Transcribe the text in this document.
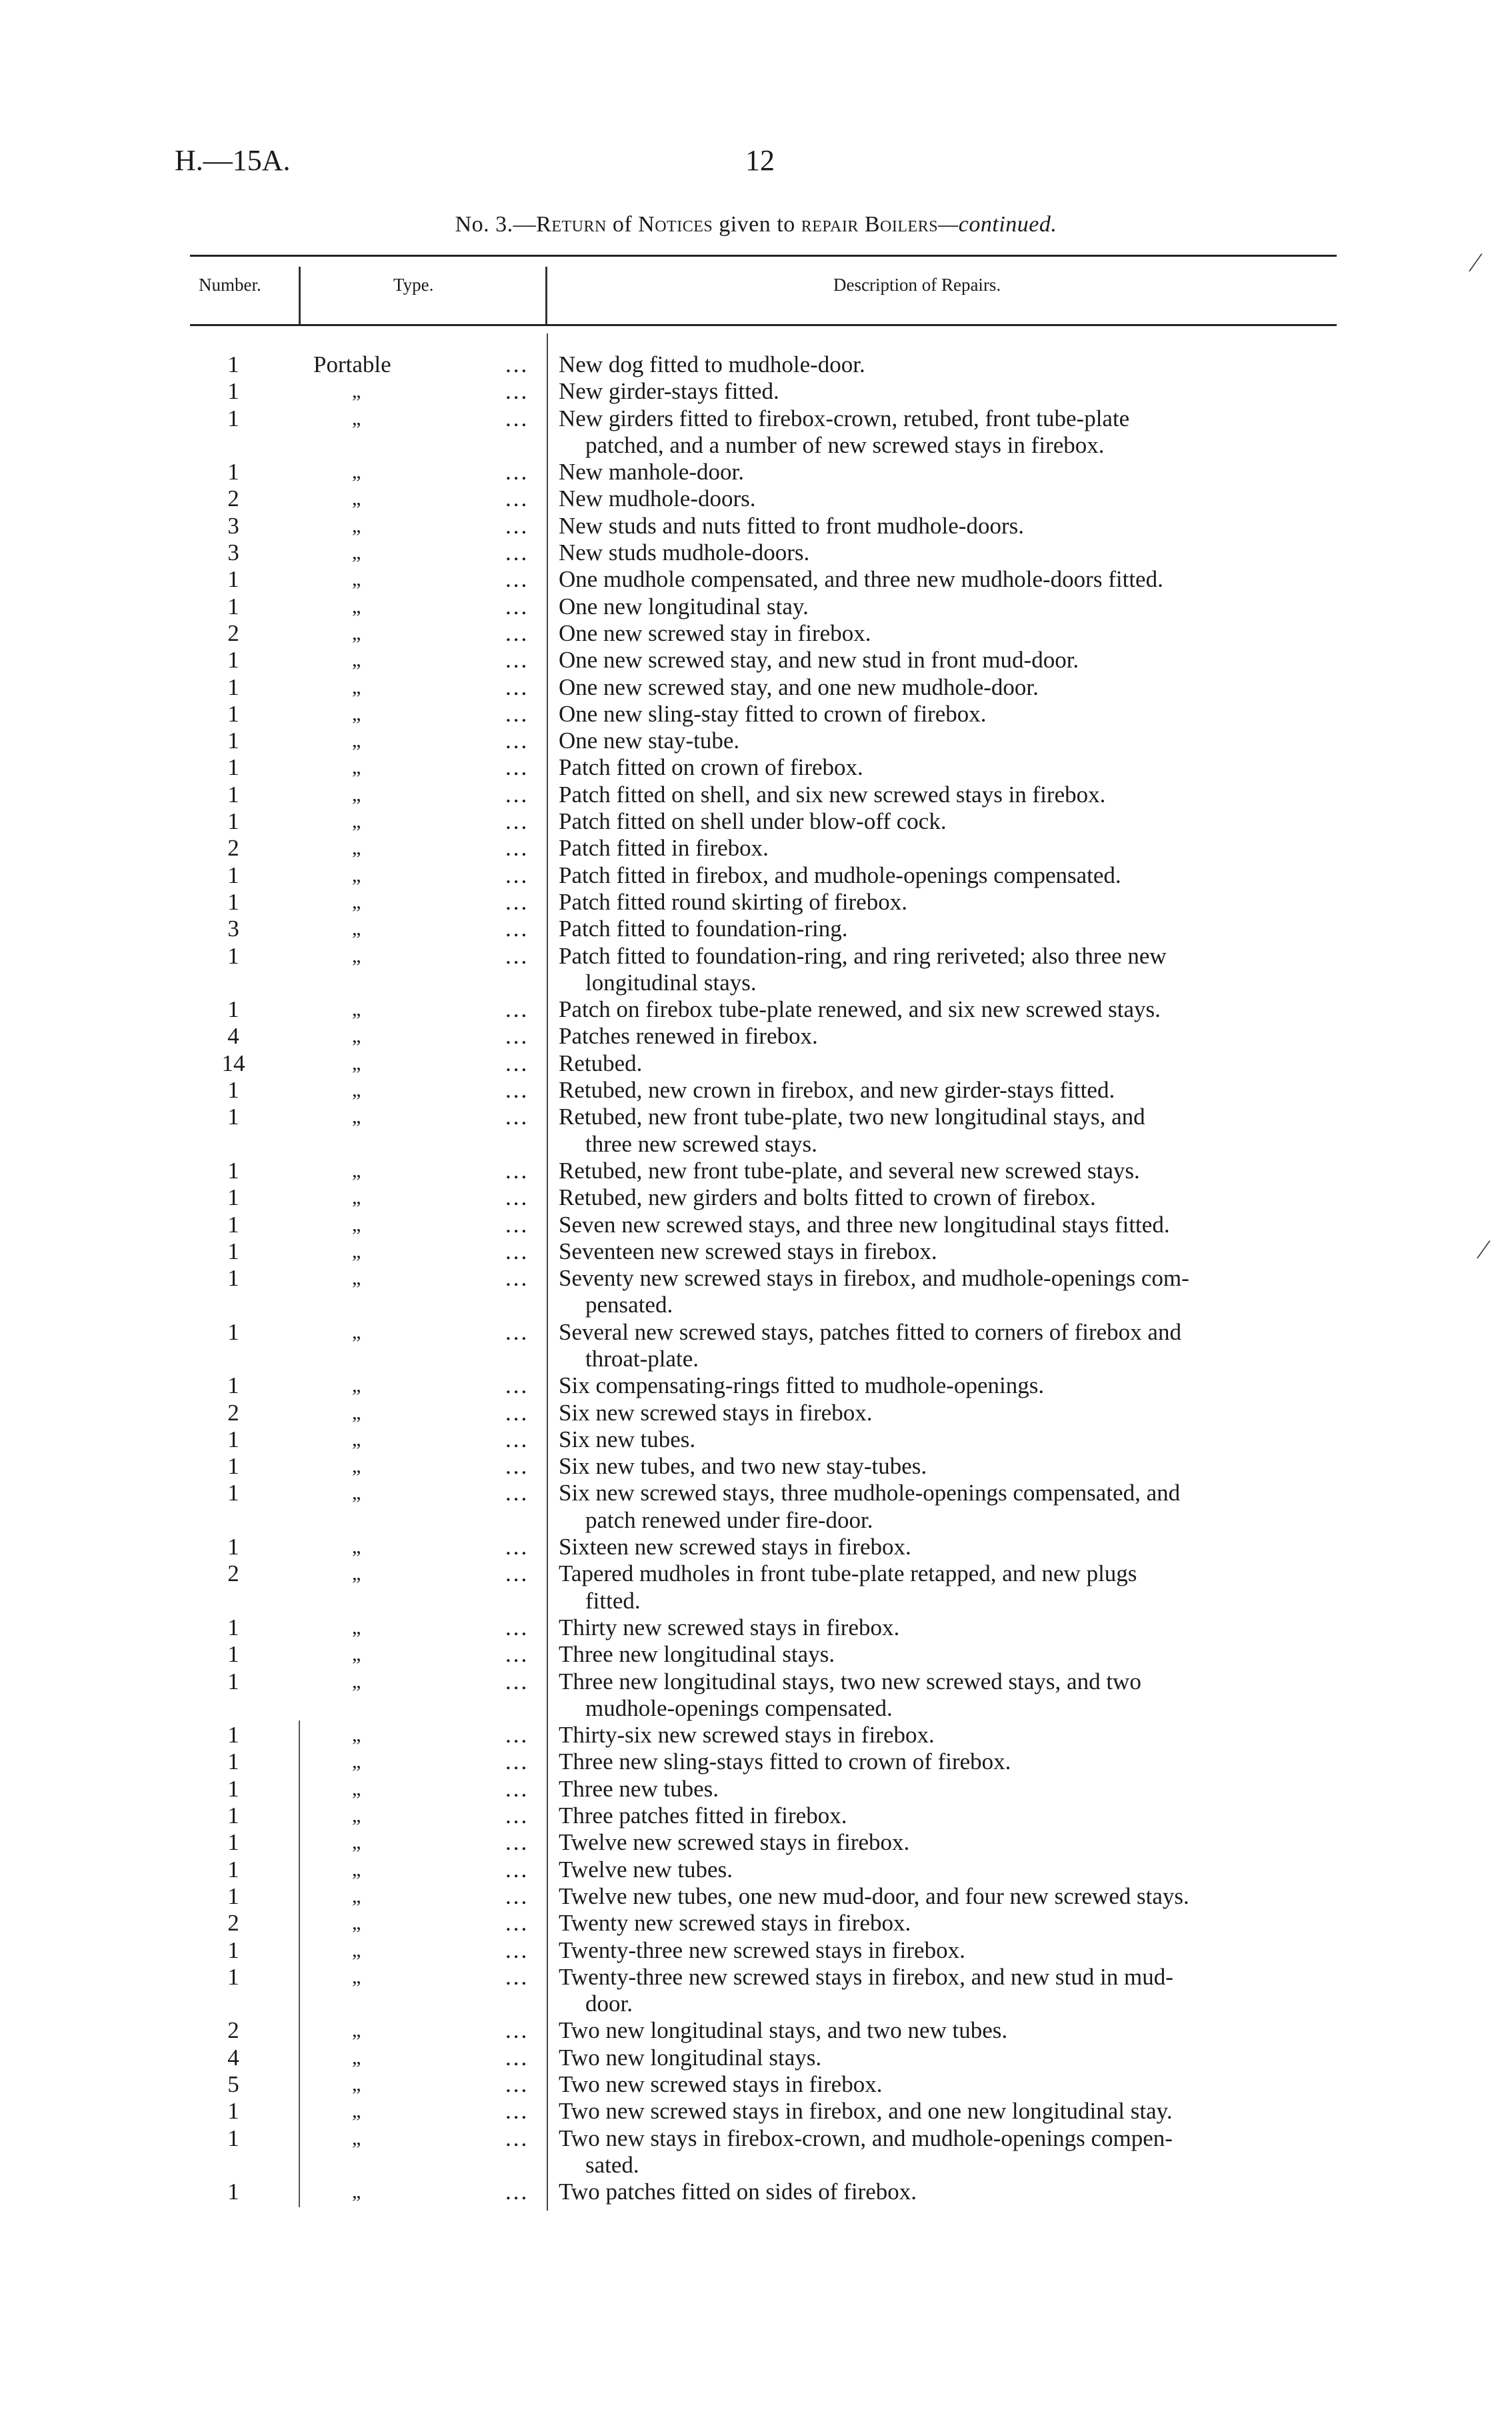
H.—15A.	12
No. 3.—Return of Notices given to repair Boilers—continued.
Number.	Type.	Description of Repairs.
1	Portable	... New dog fitted to mudhole-door.
1	„	... New girder-stays fitted.
1	„	... New girders fitted to firebox-crown, retubed, front tube-plate
patched, and a number of new screwed stays in firebox.
1	„	... New manhole-door.
2	„	... New mudhole-doors.
3	„	... New studs and nuts fitted to front mudhole-doors.
3	„	... New studs mudhole-doors.
1	„	... One mudhole compensated, and three new mudhole-doors fitted.
1	„	... One new longitudinal stay.
2	„	... One new screwed stay in firebox.
1	„	... One new screwed stay, and new stud in front mud-door.
1	„	... One new screwed stay, and one new mudhole-door.
1	„	... One new sling-stay fitted to crown of firebox.
1	„	... One new stay-tube.
1	„	... Patch fitted on crown of firebox.
1	„	... Patch fitted on shell, and six new screwed stays in firebox.
1	„	... Patch fitted on shell under blow-off cock.
2	„	... Patch fitted in firebox.
1	„	... Patch fitted in firebox, and mudhole-openings compensated.
1	„	... Patch fitted round skirting of firebox.
3	„	... Patch fitted to foundation-ring.
1	„	... Patch fitted to foundation-ring, and ring reriveted; also three new
longitudinal stays.
1	„	... Patch on firebox tube-plate renewed, and six new screwed stays.
4	„	... Patches renewed in firebox.
14	„	... Retubed.
1	„	... Retubed, new crown in firebox, and new girder-stays fitted.
1	„	... Retubed, new front tube-plate, two new longitudinal stays, and
three new screwed stays.
1	„	... Retubed, new front tube-plate, and several new screwed stays.
1	„	... Retubed, new girders and bolts fitted to crown of firebox.
1	„	... Seven new screwed stays, and three new longitudinal stays fitted.
1	„	... Seventeen new screwed stays in firebox.
1	„	... Seventy new screwed stays in firebox, and mudhole-openings com-
pensated.
1	„	... Several new screwed stays, patches fitted to corners of firebox and
throat-plate.
1	„	... Six compensating-rings fitted to mudhole-openings.
2	„	... Six new screwed stays in firebox.
1	„	... Six new tubes.
1	„	... Six new tubes, and two new stay-tubes.
1	„	... Six new screwed stays, three mudhole-openings compensated, and
patch renewed under fire-door.
1	„	... Sixteen new screwed stays in firebox.
2	„	... Tapered mudholes in front tube-plate retapped, and new plugs
fitted.
1	„	... Thirty new screwed stays in firebox.
1	„	... Three new longitudinal stays.
1	„	... Three new longitudinal stays, two new screwed stays, and two
mudhole-openings compensated.
1	„	... Thirty-six new screwed stays in firebox.
1	„	... Three new sling-stays fitted to crown of firebox.
1	„	... Three new tubes.
1	„	... Three patches fitted in firebox.
1	„	... Twelve new screwed stays in firebox.
1	„	... Twelve new tubes.
1	„	... Twelve new tubes, one new mud-door, and four new screwed stays.
2	„	... Twenty new screwed stays in firebox.
1	„	... Twenty-three new screwed stays in firebox.
1	„	... Twenty-three new screwed stays in firebox, and new stud in mud-
door.
2	„	... Two new longitudinal stays, and two new tubes.
4	„	... Two new longitudinal stays.
5	„	... Two new screwed stays in firebox.
1	„	... Two new screwed stays in firebox, and one new longitudinal stay.
1	„	... Two new stays in firebox-crown, and mudhole-openings compen-
sated.
1	„	... Two patches fitted on sides of firebox.
⁄
⁄
